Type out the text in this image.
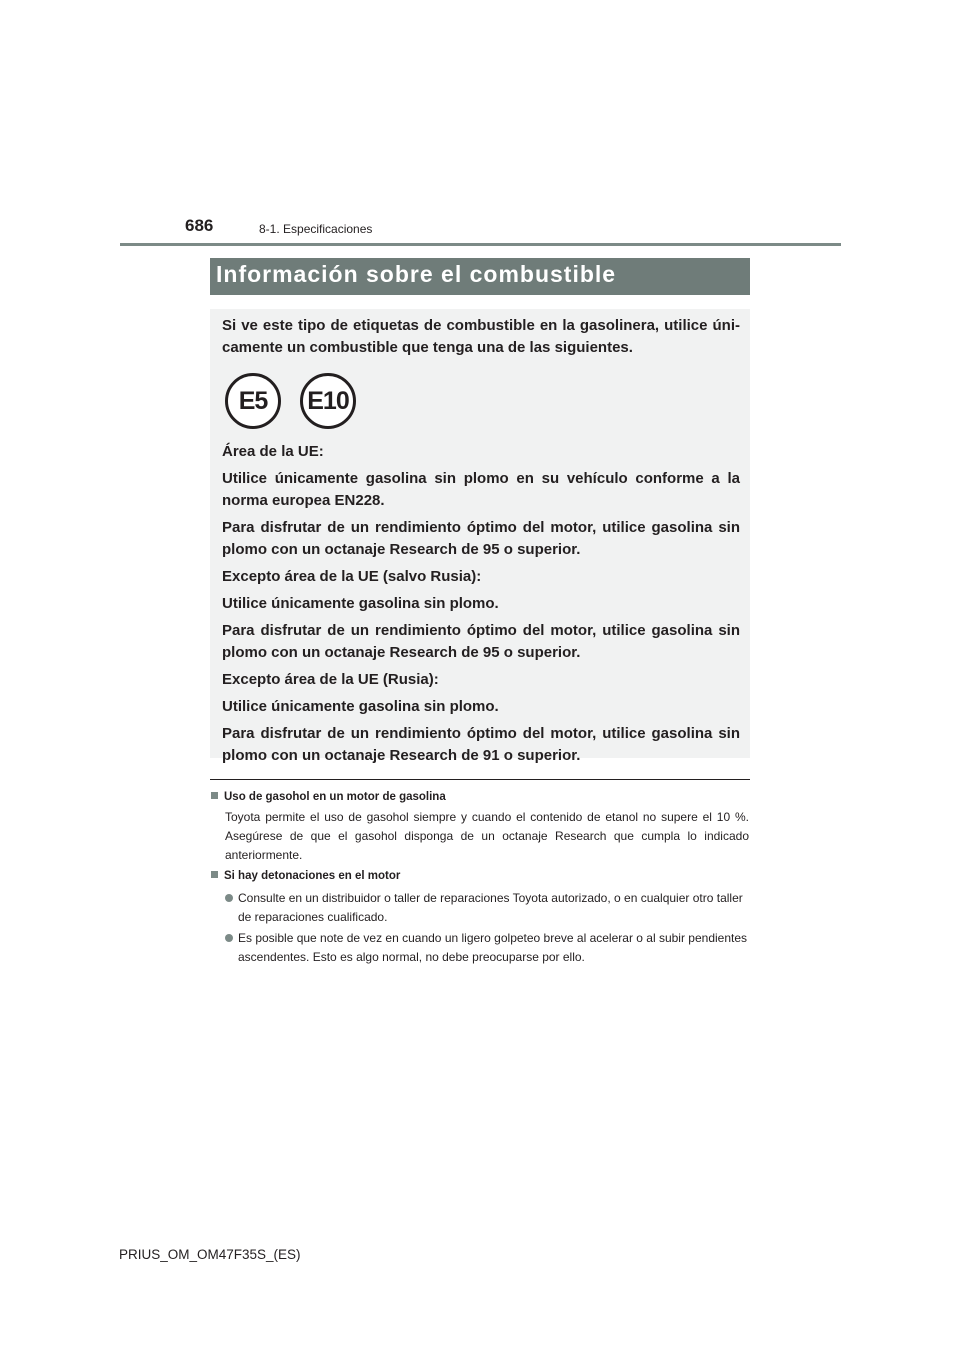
686	8-1. Especificaciones
Información sobre el combustible

Si ve este tipo de etiquetas de combustible en la gasolinera, utilice úni-camente un combustible que tenga una de las siguientes.

E5	E10

Área de la UE:

Utilice únicamente gasolina sin plomo en su vehículo conforme a la norma europea EN228.

Para disfrutar de un rendimiento óptimo del motor, utilice gasolina sin plomo con un octanaje Research de 95 o superior.

Excepto área de la UE (salvo Rusia):

Utilice únicamente gasolina sin plomo.

Para disfrutar de un rendimiento óptimo del motor, utilice gasolina sin plomo con un octanaje Research de 95 o superior.

Excepto área de la UE (Rusia):

Utilice únicamente gasolina sin plomo.

Para disfrutar de un rendimiento óptimo del motor, utilice gasolina sin plomo con un octanaje Research de 91 o superior.

Uso de gasohol en un motor de gasolina
Toyota permite el uso de gasohol siempre y cuando el contenido de etanol no supere el 10 %. Asegúrese de que el gasohol disponga de un octanaje Research que cumpla lo indicado anteriormente.
Si hay detonaciones en el motor
Consulte en un distribuidor o taller de reparaciones Toyota autorizado, o en cualquier otro taller de reparaciones cualificado.
Es posible que note de vez en cuando un ligero golpeteo breve al acelerar o al subir pendientes ascendentes. Esto es algo normal, no debe preocuparse por ello.
PRIUS_OM_OM47F35S_(ES)
